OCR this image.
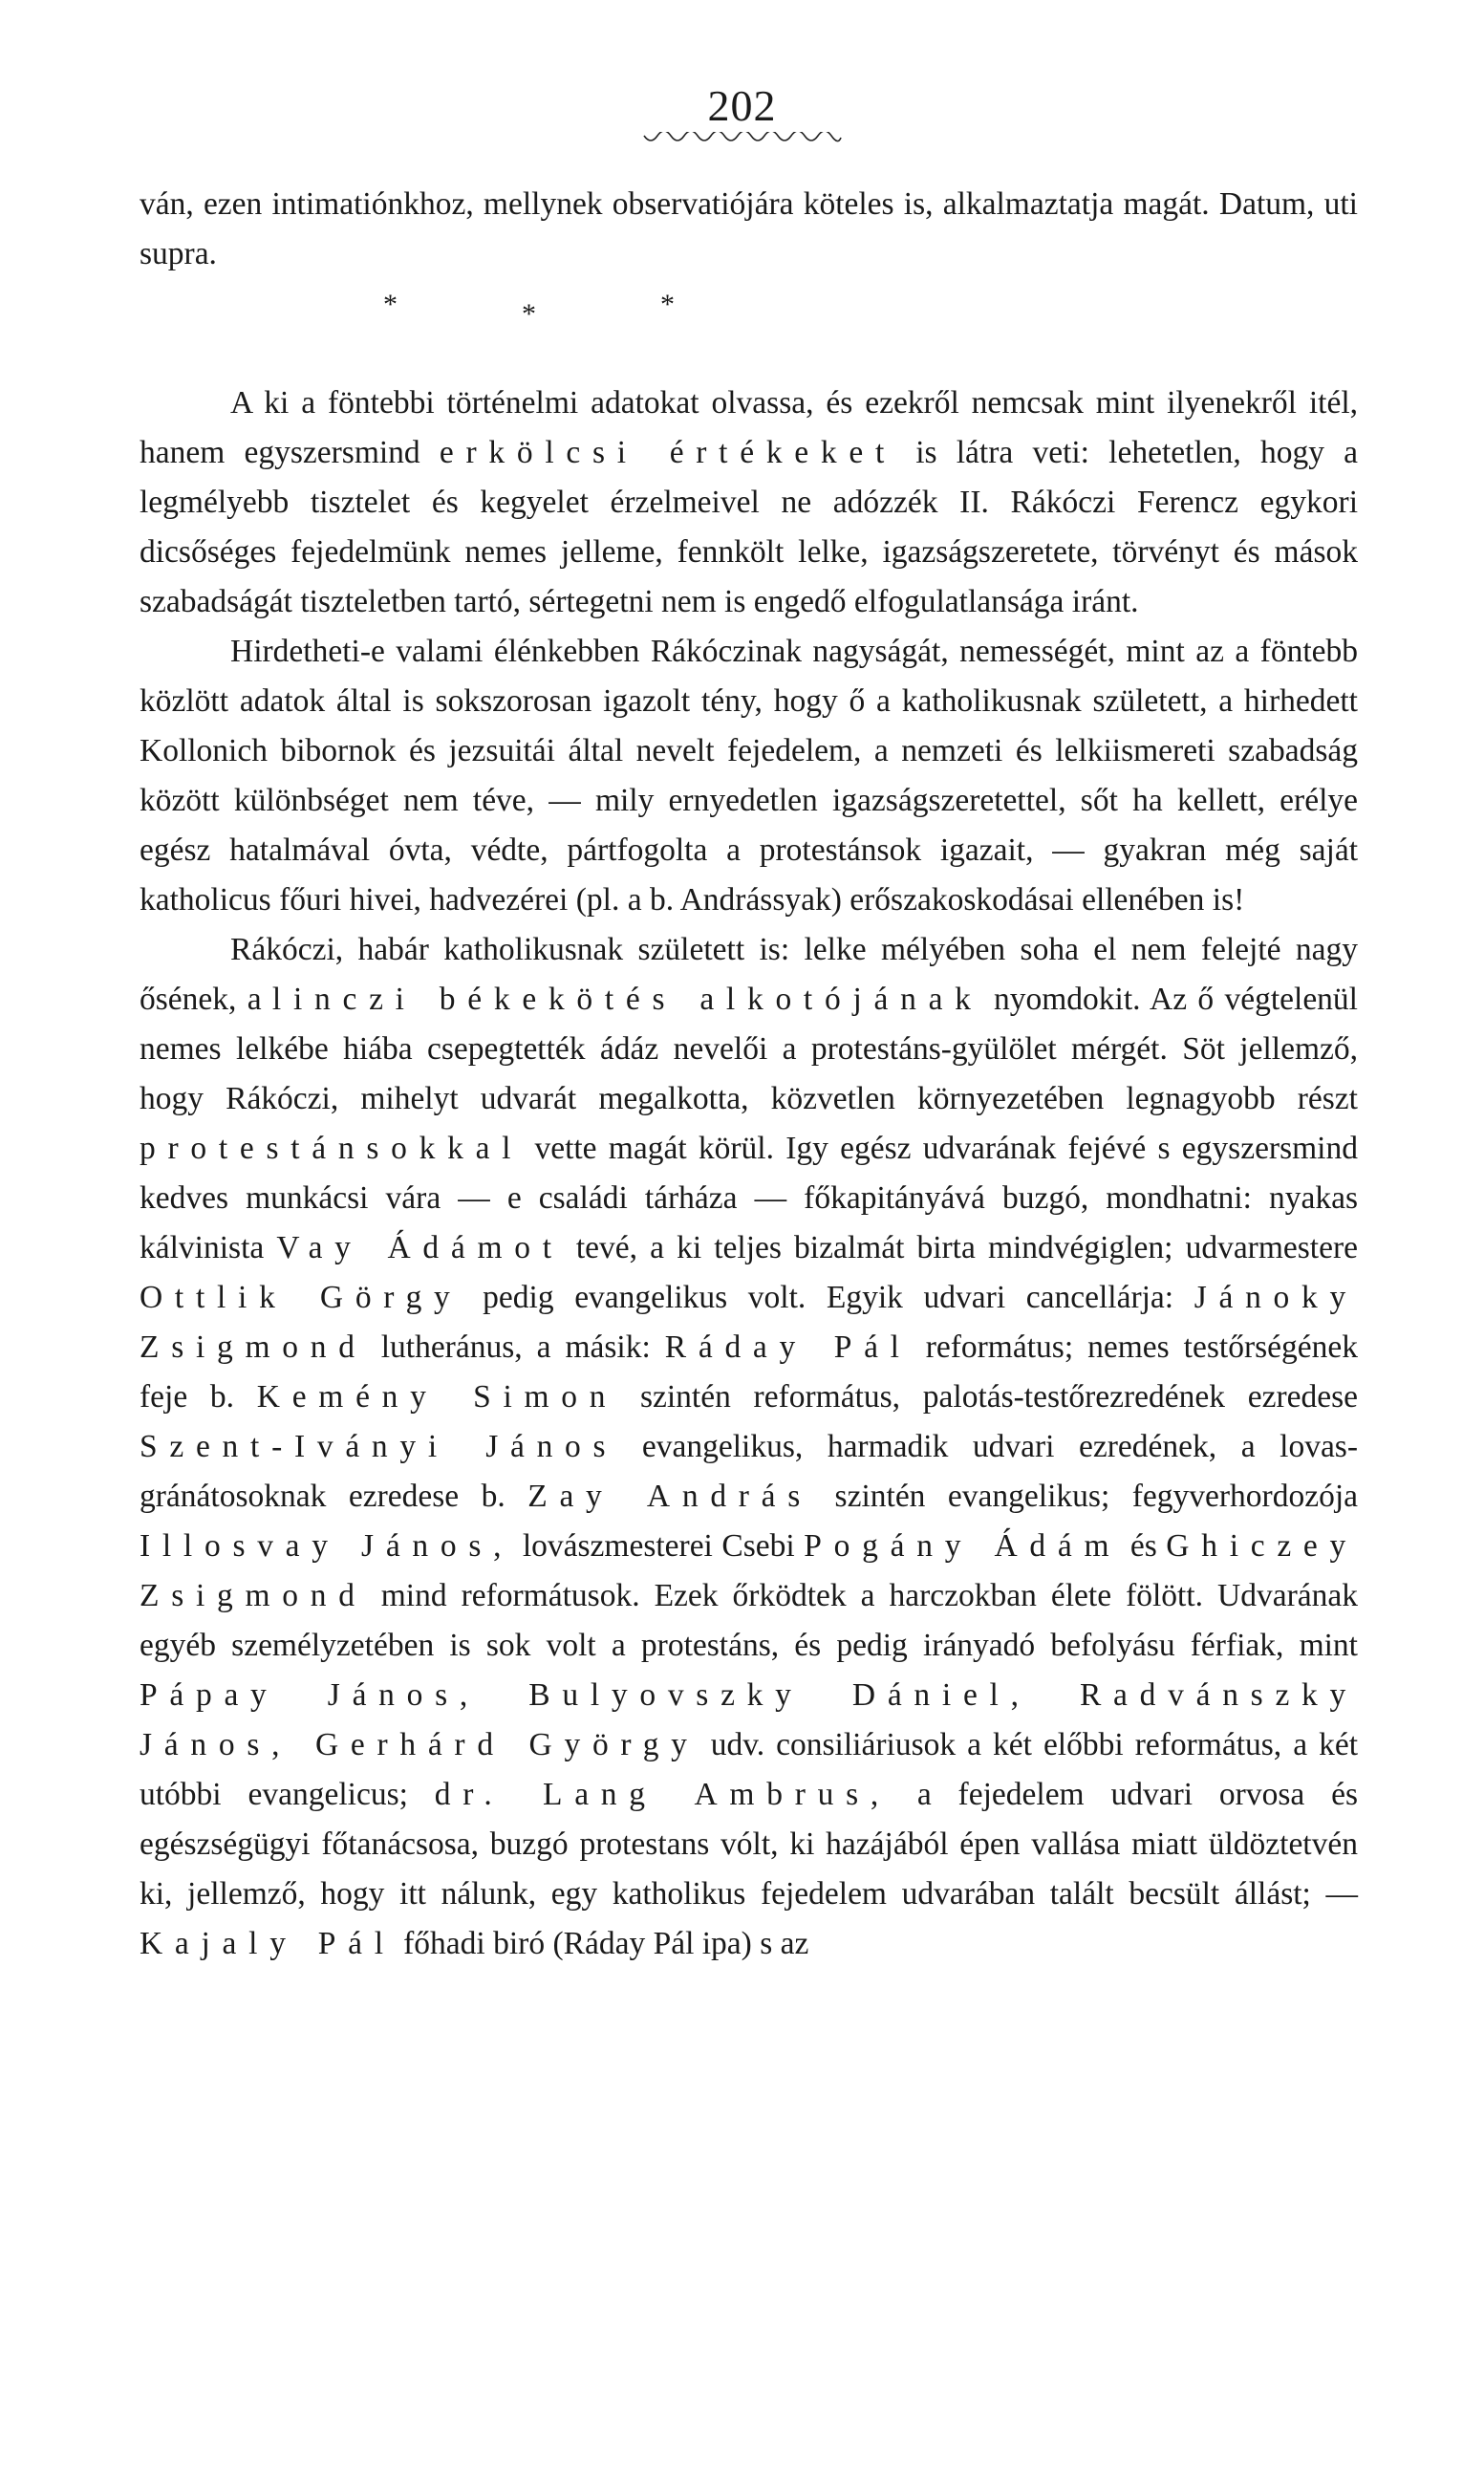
202

ván, ezen intimatiónkhoz, mellynek observatiójára köteles is, alkalmaztatja magát. Datum, uti supra.

*	*	*

A ki a föntebbi történelmi adatokat olvassa, és ezekről nemcsak mint ilyenekről itél, hanem egyszersmind erkölcsi értékeket is látra veti: lehetetlen, hogy a legmélyebb tisztelet és kegyelet érzelmeivel ne adózzék II. Rákóczi Ferencz egykori dicsőséges fejedelmünk nemes jelleme, fennkölt lelke, igazságszeretete, törvényt és mások szabadságát tiszteletben tartó, sértegetni nem is engedő elfogulatlansága iránt.

Hirdetheti-e valami élénkebben Rákóczinak nagyságát, nemességét, mint az a föntebb közlött adatok által is sokszorosan igazolt tény, hogy ő a katholikusnak született, a hirhedett Kollonich bibornok és jezsuitái által nevelt fejedelem, a nemzeti és lelkiismereti szabadság között különbséget nem téve, — mily ernyedetlen igazságszeretettel, sőt ha kellett, erélye egész hatalmával óvta, védte, pártfogolta a protestánsok igazait, — gyakran még saját katholicus főuri hivei, hadvezérei (pl. a b. Andrássyak) erőszakoskodásai ellenében is!

Rákóczi, habár katholikusnak született is: lelke mélyében soha el nem felejté nagy ősének, a linczi békekötés alkotójának nyomdokit. Az ő végtelenül nemes lelkébe hiába csepegtették ádáz nevelői a protestáns-gyülölet mérgét. Söt jellemző, hogy Rákóczi, mihelyt udvarát megalkotta, közvetlen környezetében legnagyobb részt protestánsokkal vette magát körül. Igy egész udvarának fejévé s egyszersmind kedves munkácsi vára — e családi tárháza — főkapitányává buzgó, mondhatni: nyakas kálvinista Vay Ádámot tevé, a ki teljes bizalmát birta mindvégiglen; udvarmestere Ottlik Görgy pedig evangelikus volt. Egyik udvari cancellárja: Jánoky Zsigmond lutheránus, a másik: Ráday Pál református; nemes testőrségének feje b. Kemény Simon szintén református, palotás-testőrezredének ezredese Szent-Iványi János evangelikus, harmadik udvari ezredének, a lovas-gránátosoknak ezredese b. Zay András szintén evangelikus; fegyverhordozója Illosvay János, lovászmesterei Csebi Pogány Ádám és Ghiczey Zsigmond mind reformátusok. Ezek őrködtek a harczokban élete fölött. Udvarának egyéb személyzetében is sok volt a protestáns, és pedig irányadó befolyásu férfiak, mint Pápay János, Bulyovszky Dániel, Radvánszky János, Gerhárd György udv. consiliáriusok a két előbbi református, a két utóbbi evangelicus; dr. Lang Ambrus, a fejedelem udvari orvosa és egészségügyi főtanácsosa, buzgó protestans vólt, ki hazájából épen vallása miatt üldöztetvén ki, jellemző, hogy itt nálunk, egy katholikus fejedelem udvarában talált becsült állást; — Kajaly Pál főhadi biró (Ráday Pál ipa) s az
